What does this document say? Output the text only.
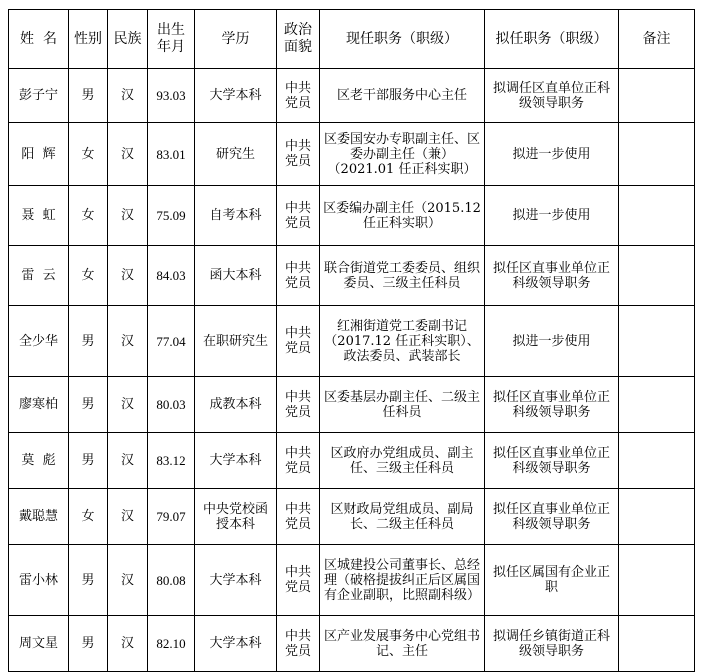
姓  名	性别	民族	出生年月	学历	政治面貌	现任职务（职级）	拟任职务（职级）	备注
彭子宁	男	汉	93.03	大学本科	中共党员	区老干部服务中心主任	拟调任区直单位正科级领导职务	
阳  辉	女	汉	83.01	研究生	中共党员	区委国安办专职副主任、区委办副主任（兼）（2021.01 任正科实职）	拟进一步使用	
聂  虹	女	汉	75.09	自考本科	中共党员	区委编办副主任（2015.12 任正科实职）	拟进一步使用	
雷  云	女	汉	84.03	函大本科	中共党员	联合街道党工委委员、组织委员、三级主任科员	拟任区直事业单位正科级领导职务	
全少华	男	汉	77.04	在职研究生	中共党员	红湘街道党工委副书记（2017.12 任正科实职）、政法委员、武装部长	拟进一步使用	
廖寒柏	男	汉	80.03	成教本科	中共党员	区委基层办副主任、二级主任科员	拟任区直事业单位正科级领导职务	
莫  彪	男	汉	83.12	大学本科	中共党员	区政府办党组成员、副主任、三级主任科员	拟任区直事业单位正科级领导职务	
戴聪慧	女	汉	79.07	中央党校函授本科	中共党员	区财政局党组成员、副局长、二级主任科员	拟任区直事业单位正科级领导职务	
雷小林	男	汉	80.08	大学本科	中共党员	区城建投公司董事长、总经理（破格提拔纠正后区属国有企业副职，比照副科级）	拟任区属国有企业正职	
周文星	男	汉	82.10	大学本科	中共党员	区产业发展事务中心党组书记、主任	拟调任乡镇街道正科级领导职务	
